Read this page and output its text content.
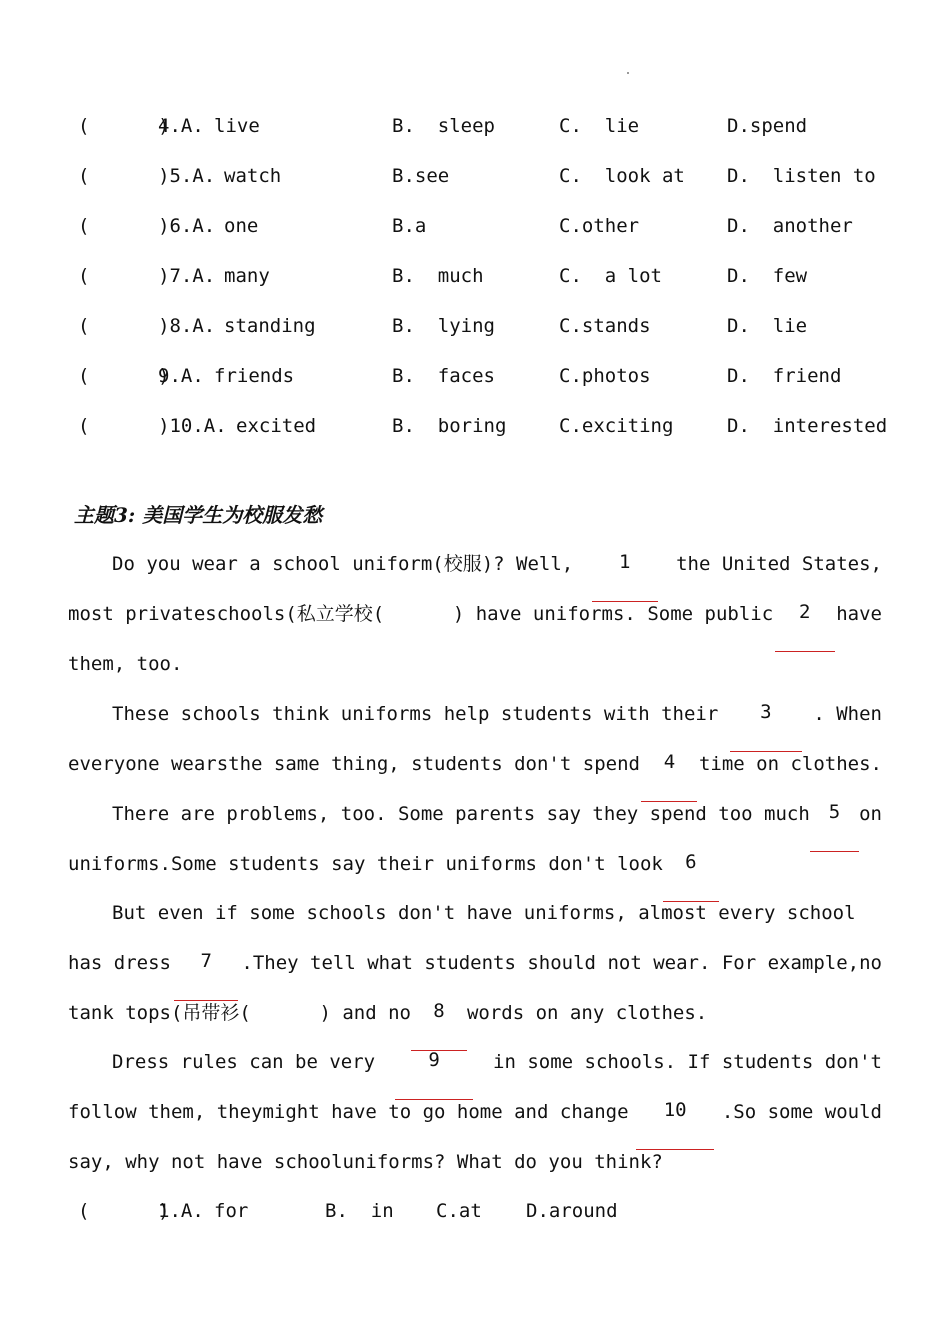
(      )
4.A. live	B.  sleep	C.  lie	D.spend
(      )
5.A. watch	B.see	C.  look at D.  listen to
(      )
6.A. one	B.a	C.other	D.  another
(      )
7.A. many	B.  much	C.  a lot	D.  few
(      )
8.A. standing	B.  lying	C.stands	D.  lie
(      )
9.A. friends	B.  faces	C.photos	D.  friend
(      )
10.A. excited	B.  boring	C.exciting	D.  interested
主题3: 美国学生为校服发愁
Do you wear a school uniform(校服)? Well,	1	the United States,
most privateschools(私立学校(      ) have uniforms. Some public	2	have
them, too.
These schools think uniforms help students with their	3	. When
everyone wearsthe same thing, students don't spend	4	time on clothes.
There are problems, too. Some parents say they spend too much 5 on
uniforms.Some students say their uniforms don't look	6
But even if some schools don't have uniforms, almost every school
has dress	7	.They tell what students should not wear. For example,no
tank tops(吊带衫(      ) and no	8	words on any clothes.
Dress rules can be very	9	in some schools. If students don't
follow them, theymight have to go home and change	10	.So some would
say, why not have schooluniforms? What do you think?
(      )
1.A. for	B.  in C.at D.around
